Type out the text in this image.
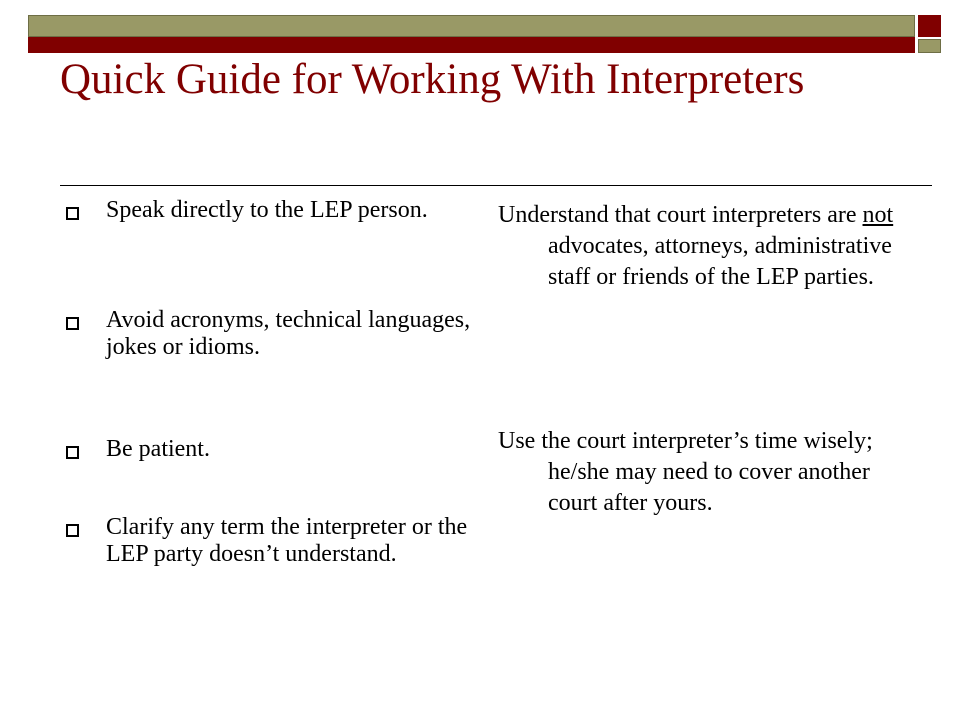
Quick Guide for Working With Interpreters
Speak directly to the LEP person.
Avoid acronyms, technical languages, jokes or idioms.
Be patient.
Clarify any term the interpreter or the LEP party doesn’t understand.
Understand that court interpreters are not advocates, attorneys, administrative staff or friends of the LEP parties.
Use the court interpreter’s time wisely; he/she may need to cover another court after yours.
